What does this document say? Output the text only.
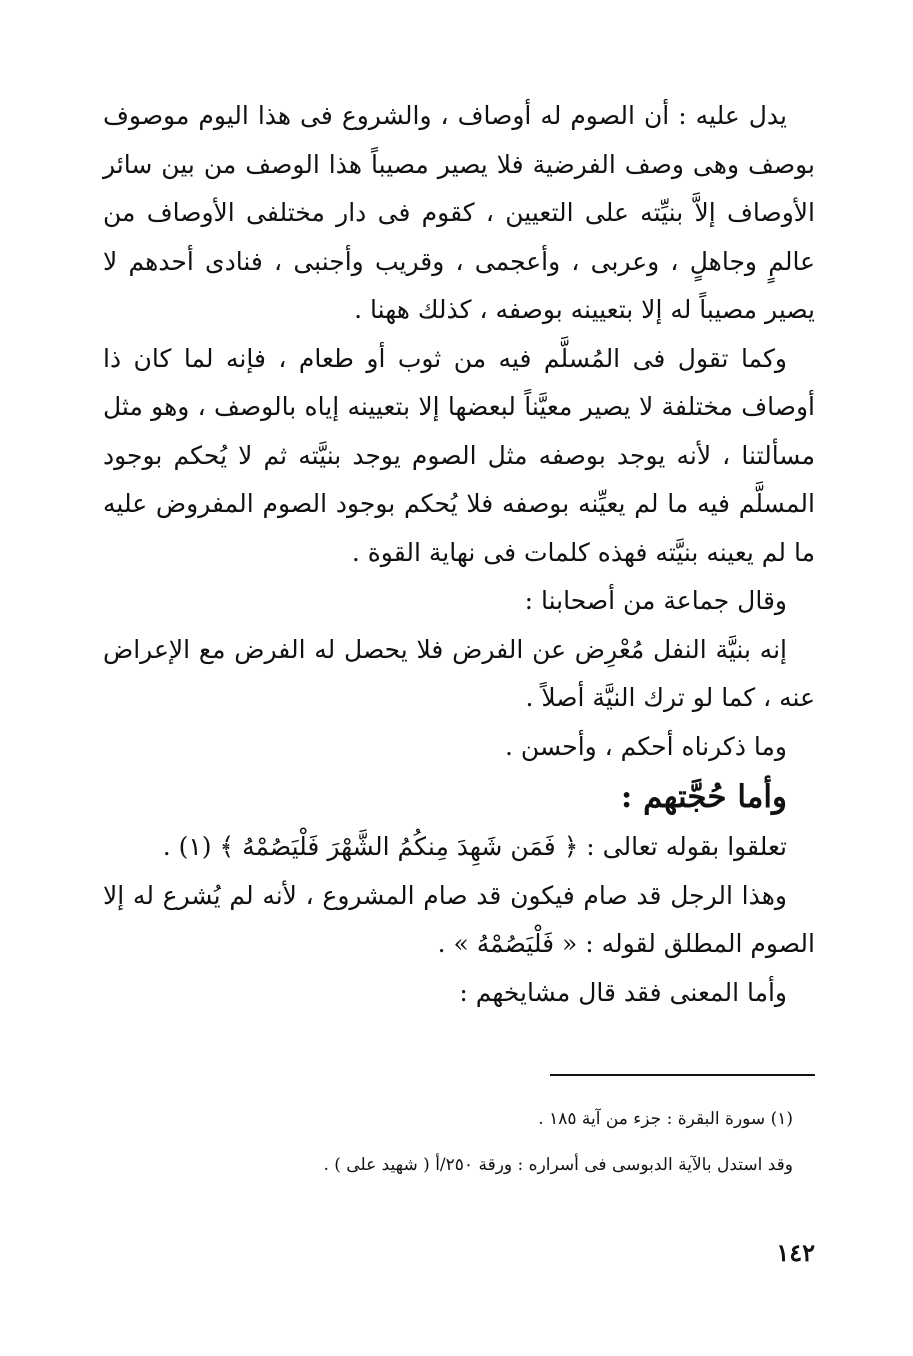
يدل عليه : أن الصوم له أوصاف ، والشروع فى هذا اليوم موصوف بوصف وهى وصف الفرضية فلا يصير مصيباً هذا الوصف من بين سائر الأوصاف إلاَّ بنيِّته على التعيين ، كقوم فى دار مختلفى الأوصاف من عالمٍ وجاهلٍ ، وعربى ، وأعجمى ، وقريب وأجنبى ، فنادى أحدهم لا يصير مصيباً له إلا بتعيينه بوصفه ، كذلك ههنا .

وكما تقول فى المُسلَّم فيه من ثوب أو طعام ، فإنه لما كان ذا أوصاف مختلفة لا يصير معيَّناً لبعضها إلا بتعيينه إياه بالوصف ، وهو مثل مسألتنا ، لأنه يوجد بوصفه مثل الصوم يوجد بنيَّته ثم لا يُحكم بوجود المسلَّم فيه ما لم يعيِّنه بوصفه فلا يُحكم بوجود الصوم المفروض عليه ما لم يعينه بنيَّته فهذه كلمات فى نهاية القوة .

وقال جماعة من أصحابنا :

إنه بنيَّة النفل مُعْرِض عن الفرض فلا يحصل له الفرض مع الإعراض عنه ، كما لو ترك النيَّة أصلاً .

وما ذكرناه أحكم ، وأحسن .

وأما حُجَّتهم :

تعلقوا بقوله تعالى : ﴿ فَمَن شَهِدَ مِنكُمُ الشَّهْرَ فَلْيَصُمْهُ ﴾ (١) .

وهذا الرجل قد صام فيكون قد صام المشروع ، لأنه لم يُشرع له إلا الصوم المطلق لقوله : « فَلْيَصُمْهُ » .

وأما المعنى فقد قال مشايخهم :

(١) سورة البقرة : جزء من آية ١٨٥ .

وقد استدل بالآية الدبوسى فى أسراره : ورقة ٢٥٠/أ ( شهيد على ) .

١٤٢
